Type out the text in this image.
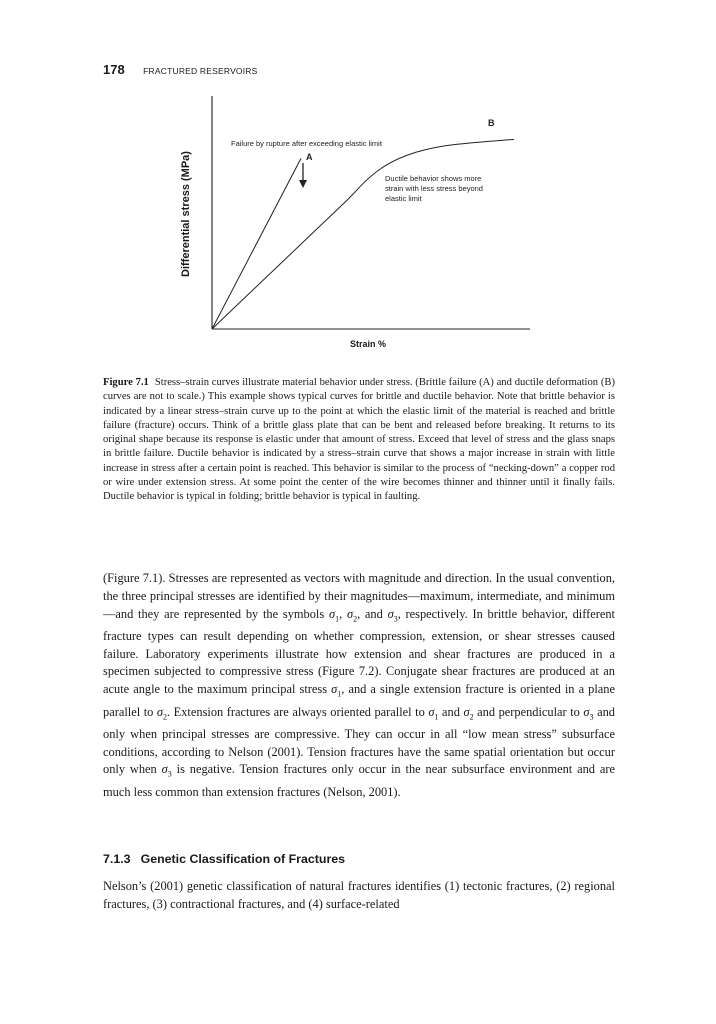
178 FRACTURED RESERVOIRS
A
B
Failure by rupture after exceeding elastic limit
Ductile behavior shows more strain with less stress beyond elastic limit
Differential stress (MPa)
Strain %

Figure 7.1 Stress–strain curves illustrate material behavior under stress. (Brittle failure (A) and ductile deformation (B) curves are not to scale.) This example shows typical curves for brittle and ductile behavior. Note that brittle behavior is indicated by a linear stress–strain curve up to the point at which the elastic limit of the material is reached and brittle failure (fracture) occurs. Think of a brittle glass plate that can be bent and released before breaking. It returns to its original shape because its response is elastic under that amount of stress. Exceed that level of stress and the glass snaps in brittle failure. Ductile behavior is indicated by a stress–strain curve that shows a major increase in strain with little increase in stress after a certain point is reached. This behavior is similar to the process of “necking-down” a copper rod or wire under extension stress. At some point the center of the wire becomes thinner and thinner until it finally fails. Ductile behavior is typical in folding; brittle behavior is typical in faulting.

(Figure 7.1). Stresses are represented as vectors with magnitude and direction. In the usual convention, the three principal stresses are identified by their magnitudes—maximum, intermediate, and minimum—and they are represented by the symbols $\sigma_1$, $\sigma_2$, and $\sigma_3$, respectively. In brittle behavior, different fracture types can result depending on whether compression, extension, or shear stresses caused failure. Laboratory experiments illustrate how extension and shear fractures are produced in a specimen subjected to compressive stress (Figure 7.2). Conjugate shear fractures are produced at an acute angle to the maximum principal stress $\sigma_1$, and a single extension fracture is oriented in a plane parallel to $\sigma_2$. Extension fractures are always oriented parallel to $\sigma_1$ and $\sigma_2$ and perpendicular to $\sigma_3$ and only when principal stresses are compressive. They can occur in all “low mean stress” subsurface conditions, according to Nelson (2001). Tension fractures have the same spatial orientation but occur only when $\sigma_3$ is negative. Tension fractures only occur in the near subsurface environment and are much less common than extension fractures (Nelson, 2001).

7.1.3 Genetic Classification of Fractures

Nelson’s (2001) genetic classification of natural fractures identifies (1) tectonic fractures, (2) regional fractures, (3) contractional fractures, and (4) surface-related
